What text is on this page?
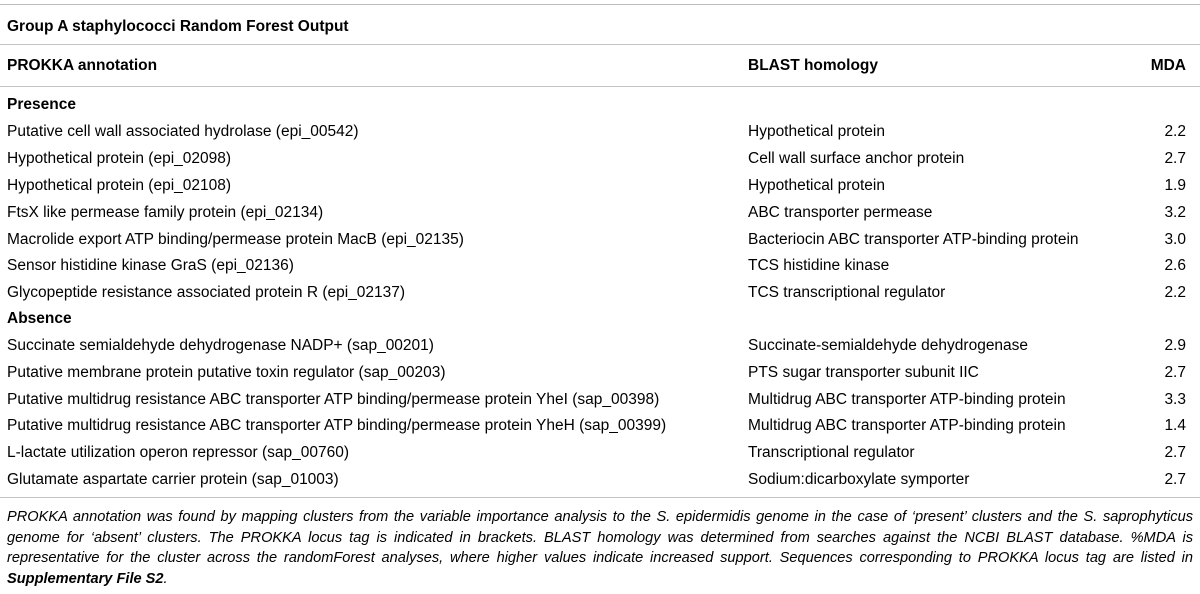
Group A staphylococci Random Forest Output
PROKKA annotation	BLAST homology	MDA
Presence
Putative cell wall associated hydrolase (epi_00542)	Hypothetical protein	2.2
Hypothetical protein (epi_02098)	Cell wall surface anchor protein	2.7
Hypothetical protein (epi_02108)	Hypothetical protein	1.9
FtsX like permease family protein (epi_02134)	ABC transporter permease	3.2
Macrolide export ATP binding/permease protein MacB (epi_02135)	Bacteriocin ABC transporter ATP-binding protein	3.0
Sensor histidine kinase GraS (epi_02136)	TCS histidine kinase	2.6
Glycopeptide resistance associated protein R (epi_02137)	TCS transcriptional regulator	2.2
Absence
Succinate semialdehyde dehydrogenase NADP+ (sap_00201)	Succinate-semialdehyde dehydrogenase	2.9
Putative membrane protein putative toxin regulator (sap_00203)	PTS sugar transporter subunit IIC	2.7
Putative multidrug resistance ABC transporter ATP binding/permease protein YheI (sap_00398)	Multidrug ABC transporter ATP-binding protein	3.3
Putative multidrug resistance ABC transporter ATP binding/permease protein YheH (sap_00399)	Multidrug ABC transporter ATP-binding protein	1.4
L-lactate utilization operon repressor (sap_00760)	Transcriptional regulator	2.7
Glutamate aspartate carrier protein (sap_01003)	Sodium:dicarboxylate symporter	2.7
PROKKA annotation was found by mapping clusters from the variable importance analysis to the S. epidermidis genome in the case of ‘present’ clusters and the S. saprophyticus genome for ‘absent’ clusters. The PROKKA locus tag is indicated in brackets. BLAST homology was determined from searches against the NCBI BLAST database. %MDA is representative for the cluster across the randomForest analyses, where higher values indicate increased support. Sequences corresponding to PROKKA locus tag are listed in Supplementary File S2.
